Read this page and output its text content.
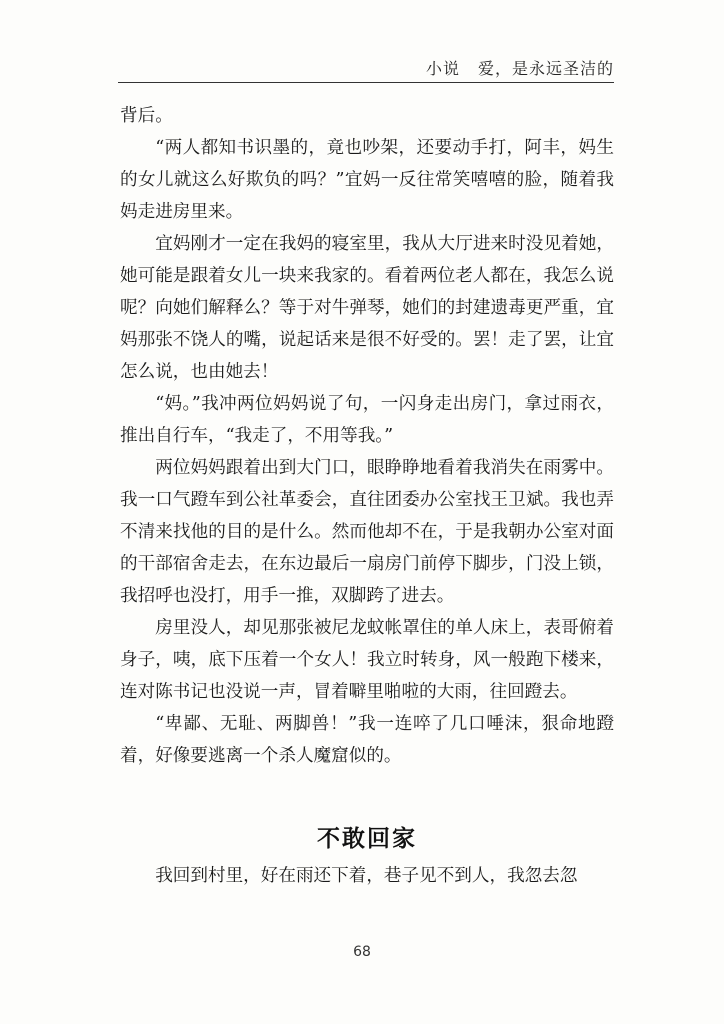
小说 爱，是永远圣洁的

背后。

“两人都知书识墨的，竟也吵架，还要动手打，阿丰，妈生的女儿就这么好欺负的吗？”宜妈一反往常笑嘻嘻的脸，随着我妈走进房里来。

宜妈刚才一定在我妈的寝室里，我从大厅进来时没见着她，她可能是跟着女儿一块来我家的。看着两位老人都在，我怎么说呢？向她们解释么？等于对牛弹琴，她们的封建遗毒更严重，宜妈那张不饶人的嘴，说起话来是很不好受的。罢！走了罢，让宜怎么说，也由她去！

“妈。”我冲两位妈妈说了句，一闪身走出房门，拿过雨衣，推出自行车，“我走了，不用等我。”

两位妈妈跟着出到大门口，眼睁睁地看着我消失在雨雾中。我一口气蹬车到公社革委会，直往团委办公室找王卫斌。我也弄不清来找他的目的是什么。然而他却不在，于是我朝办公室对面的干部宿舍走去，在东边最后一扇房门前停下脚步，门没上锁，我招呼也没打，用手一推，双脚跨了进去。

房里没人，却见那张被尼龙蚊帐罩住的单人床上，表哥俯着身子，咦，底下压着一个女人！我立时转身，风一般跑下楼来，连对陈书记也没说一声，冒着噼里啪啦的大雨，往回蹬去。

“卑鄙、无耻、两脚兽！”我一连啐了几口唾沫，狠命地蹬着，好像要逃离一个杀人魔窟似的。

不敢回家
我回到村里，好在雨还下着，巷子见不到人，我忽去忽
68
